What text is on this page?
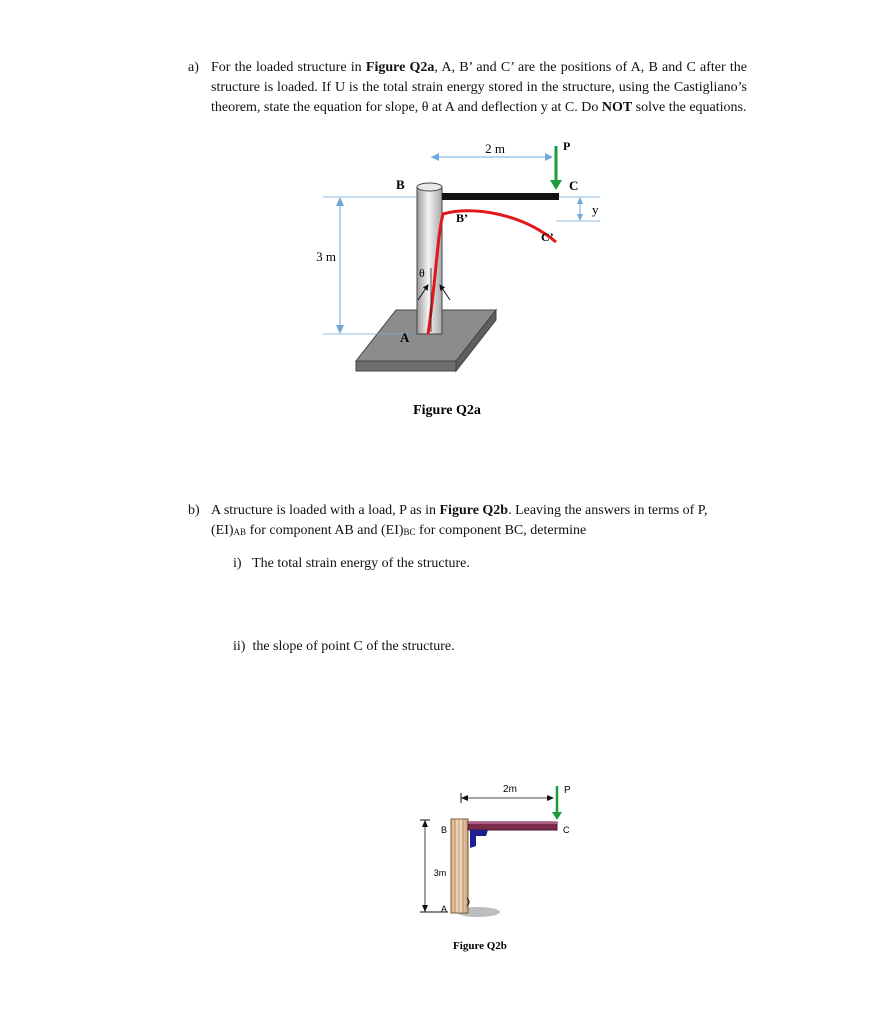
a) For the loaded structure in Figure Q2a, A, B’ and C’ are the positions of A, B and C after the structure is loaded. If U is the total strain energy stored in the structure, using the Castigliano’s theorem, state the equation for slope, θ at A and deflection y at C. Do NOT solve the equations.
b) A structure is loaded with a load, P as in Figure Q2b. Leaving the answers in terms of P,
$(EI)_{AB}$ for component AB and $(EI)_{BC}$ for component BC, determine
i) The total strain energy of the structure.
ii) the slope of point C of the structure.
2 m
3 m
y
P
B
B’
C
C’
θ
A
Figure Q2a
2m
3m
P
B	C
A
Figure Q2b
